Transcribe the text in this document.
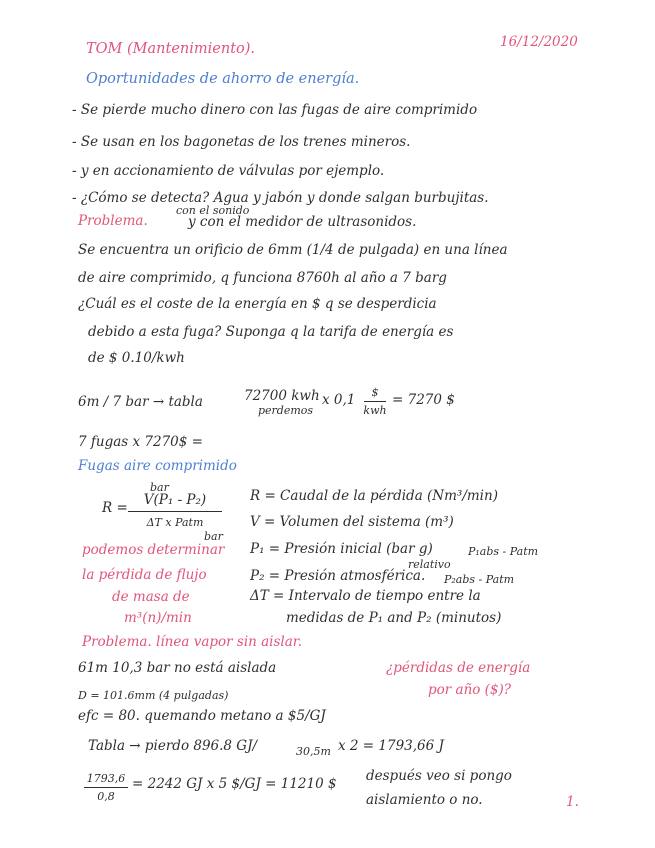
TOM (Mantenimiento).	16/12/2020
Oportunidades de ahorro de energía.
- Se pierde mucho dinero con las fugas de aire comprimido
- Se usan en los bagonetas de los trenes mineros.
- y en accionamiento de válvulas por ejemplo.
- ¿Cómo se detecta? Agua y jabón y donde salgan burbujitas.
con el sonido
Problema.	y con el medidor de ultrasonidos.
Se encuentra un orificio de 6mm (1/4 de pulgada) en una línea
de aire comprimido, q funciona 8760h al año a 7 barg
¿Cuál es el coste de la energía en $ q se desperdicia
debido a esta fuga? Suponga q la tarifa de energía es
de $ 0.10/kwh
6m / 7 bar → tabla	72700 kwh
perdemos
x 0,1	$
kwh
= 7270 $
7 fugas x 7270$ =
Fugas aire comprimido
bar
R =	V(P₁ - P₂)
ΔT x Patm
bar
R = Caudal de la pérdida (Nm³/min)
V = Volumen del sistema (m³)
P₁ = Presión inicial (bar g)	P₁abs - Patm
relativo
P₂ = Presión atmosférica. P₂abs - Patm
ΔT = Intervalo de tiempo entre la
medidas de P₁ and P₂ (minutos)
podemos determinar
la pérdida de flujo
de masa de
m³(n)/min
Problema. línea vapor sin aislar.
61m 10,3 bar no está aislada
D = 101.6mm (4 pulgadas)
efc = 80. quemando metano a $5/GJ
¿pérdidas de energía
por año ($)?
Tabla → pierdo 896.8 GJ/	30,5m x 2 = 1793,66 J
1793,6
0,8
= 2242 GJ x 5 $/GJ = 11210 $ después veo si pongo
aislamiento o no.	1.
